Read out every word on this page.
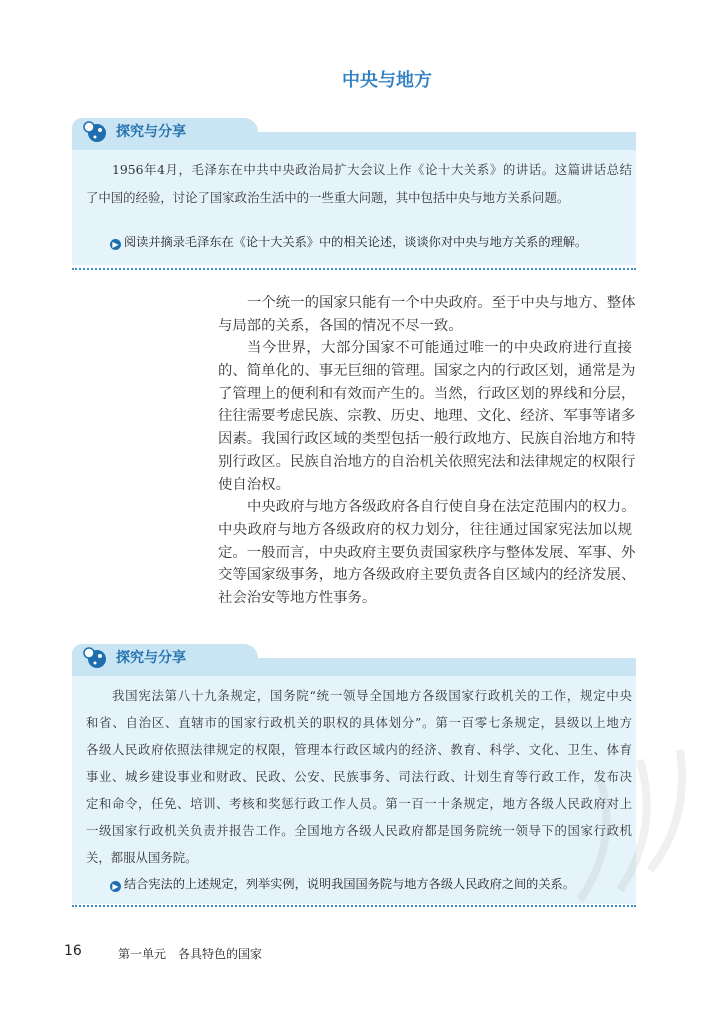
中央与地方
探究与分享
1956年4月，毛泽东在中共中央政治局扩大会议上作《论十大关系》的讲话。这篇讲话总结
了中国的经验，讨论了国家政治生活中的一些重大问题，其中包括中央与地方关系问题。
▶ 阅读并摘录毛泽东在《论十大关系》中的相关论述，谈谈你对中央与地方关系的理解。
一个统一的国家只能有一个中央政府。至于中央与地方、整体
与局部的关系，各国的情况不尽一致。
当今世界，大部分国家不可能通过唯一的中央政府进行直接
的、简单化的、事无巨细的管理。国家之内的行政区划，通常是为
了管理上的便利和有效而产生的。当然，行政区划的界线和分层，
往往需要考虑民族、宗教、历史、地理、文化、经济、军事等诸多
因素。我国行政区域的类型包括一般行政地方、民族自治地方和特
别行政区。民族自治地方的自治机关依照宪法和法律规定的权限行
使自治权。
中央政府与地方各级政府各自行使自身在法定范围内的权力。
中央政府与地方各级政府的权力划分，往往通过国家宪法加以规
定。一般而言，中央政府主要负责国家秩序与整体发展、军事、外
交等国家级事务，地方各级政府主要负责各自区域内的经济发展、
社会治安等地方性事务。
探究与分享
我国宪法第八十九条规定，国务院“统一领导全国地方各级国家行政机关的工作，规定中央
和省、自治区、直辖市的国家行政机关的职权的具体划分”。第一百零七条规定，县级以上地方
各级人民政府依照法律规定的权限，管理本行政区域内的经济、教育、科学、文化、卫生、体育
事业、城乡建设事业和财政、民政、公安、民族事务、司法行政、计划生育等行政工作，发布决
定和命令，任免、培训、考核和奖惩行政工作人员。第一百一十条规定，地方各级人民政府对上
一级国家行政机关负责并报告工作。全国地方各级人民政府都是国务院统一领导下的国家行政机
关，都服从国务院。
▶ 结合宪法的上述规定，列举实例，说明我国国务院与地方各级人民政府之间的关系。
16	第一单元　各具特色的国家
